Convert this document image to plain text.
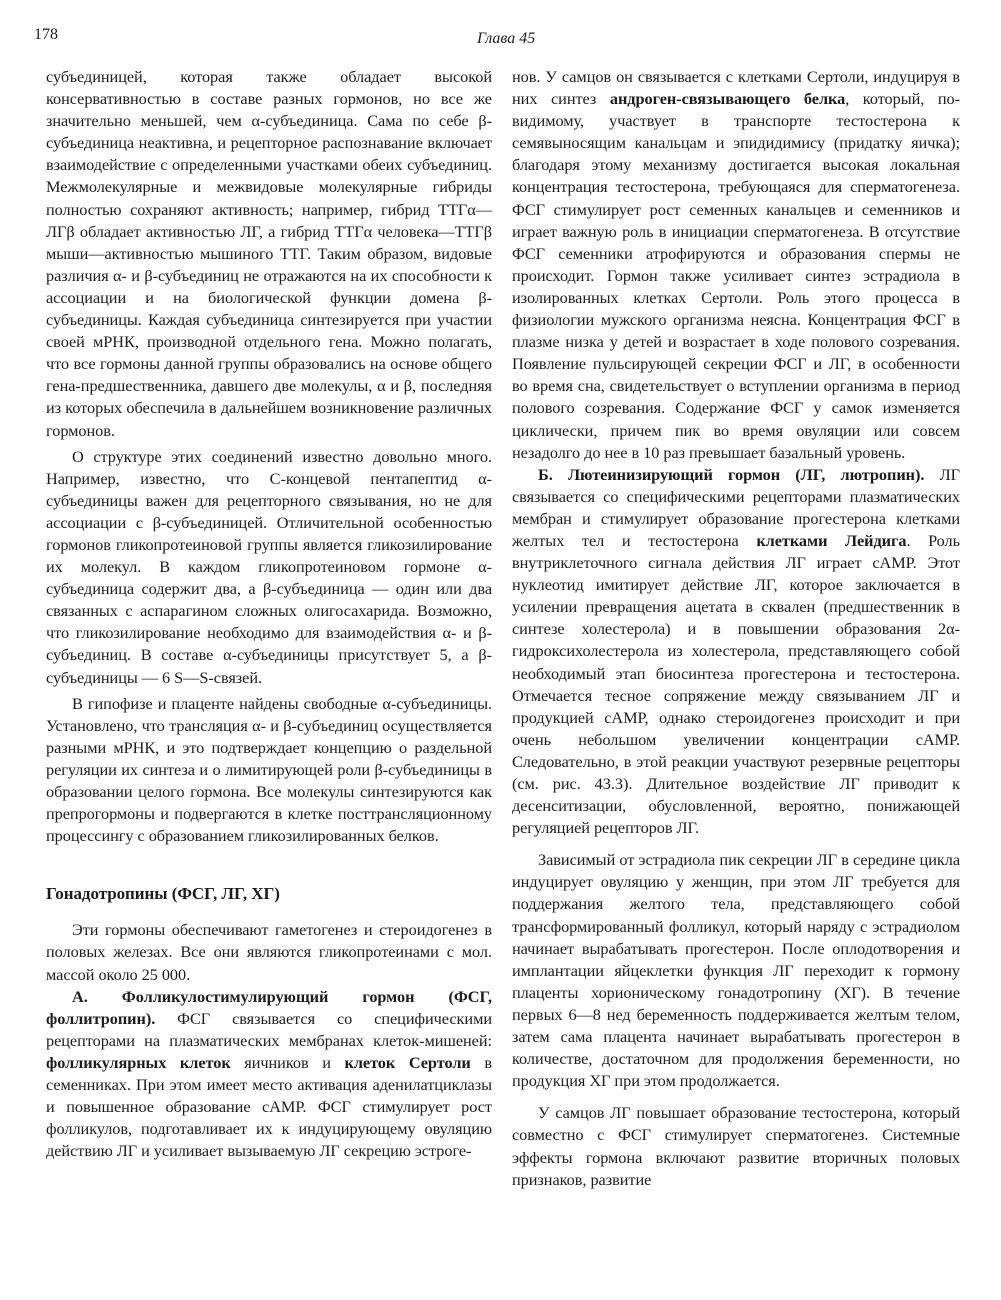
178	Глава 45

субъединицей, которая также обладает высокой консервативностью в составе разных гормонов, но все же значительно меньшей, чем α-субъединица. Сама по себе β-субъединица неактивна, и рецепторное распознавание включает взаимодействие с определенными участками обеих субъединиц. Межмолекулярные и межвидовые молекулярные гибриды полностью сохраняют активность; например, гибрид ТТГα—ЛГβ обладает активностью ЛГ, а гибрид ТТГα человека—ТТГβ мыши—активностью мышиного ТТГ. Таким образом, видовые различия α- и β-субъединиц не отражаются на их способности к ассоциации и на биологической функции домена β-субъединицы. Каждая субъединица синтезируется при участии своей мРНК, производной отдельного гена. Можно полагать, что все гормоны данной группы образовались на основе общего гена-предшественника, давшего две молекулы, α и β, последняя из которых обеспечила в дальнейшем возникновение различных гормонов.

О структуре этих соединений известно довольно много. Например, известно, что С-концевой пентапептид α-субъединицы важен для рецепторного связывания, но не для ассоциации с β-субъединицей. Отличительной особенностью гормонов гликопротеиновой группы является гликозилирование их молекул. В каждом гликопротеиновом гормоне α-субъединица содержит два, а β-субъединица — один или два связанных с аспарагином сложных олигосахарида. Возможно, что гликозилирование необходимо для взаимодействия α- и β-субъединиц. В составе α-субъединицы присутствует 5, а β-субъединицы — 6 S—S-связей.

В гипофизе и плаценте найдены свободные α-субъединицы. Установлено, что трансляция α- и β-субъединиц осуществляется разными мРНК, и это подтверждает концепцию о раздельной регуляции их синтеза и о лимитирующей роли β-субъединицы в образовании целого гормона. Все молекулы синтезируются как препрогормоны и подвергаются в клетке посттрансляционному процессингу с образованием гликозилированных белков.

Гонадотропины (ФСГ, ЛГ, ХГ)

Эти гормоны обеспечивают гаметогенез и стероидогенез в половых железах. Все они являются гликопротеинами с мол. массой около 25 000.

А. Фолликулостимулирующий гормон (ФСГ, фоллитропин). ФСГ связывается со специфическими рецепторами на плазматических мембранах клеток-мишеней: фолликулярных клеток яичников и клеток Сертоли в семенниках. При этом имеет место активация аденилатциклазы и повышенное образование сАМР. ФСГ стимулирует рост фолликулов, подготавливает их к индуцирующему овуляцию действию ЛГ и усиливает вызываемую ЛГ секрецию эстроге-

нов. У самцов он связывается с клетками Сертоли, индуцируя в них синтез андроген-связывающего белка, который, по-видимому, участвует в транспорте тестостерона к семявыносящим канальцам и эпидидимису (придатку яичка); благодаря этому механизму достигается высокая локальная концентрация тестостерона, требующаяся для сперматогенеза. ФСГ стимулирует рост семенных канальцев и семенников и играет важную роль в инициации сперматогенеза. В отсутствие ФСГ семенники атрофируются и образования спермы не происходит. Гормон также усиливает синтез эстрадиола в изолированных клетках Сертоли. Роль этого процесса в физиологии мужского организма неясна. Концентрация ФСГ в плазме низка у детей и возрастает в ходе полового созревания. Появление пульсирующей секреции ФСГ и ЛГ, в особенности во время сна, свидетельствует о вступлении организма в период полового созревания. Содержание ФСГ у самок изменяется циклически, причем пик во время овуляции или совсем незадолго до нее в 10 раз превышает базальный уровень.

Б. Лютеинизирующий гормон (ЛГ, лютропин). ЛГ связывается со специфическими рецепторами плазматических мембран и стимулирует образование прогестерона клетками желтых тел и тестостерона клетками Лейдига. Роль внутриклеточного сигнала действия ЛГ играет сАМР. Этот нуклеотид имитирует действие ЛГ, которое заключается в усилении превращения ацетата в сквален (предшественник в синтезе холестерола) и в повышении образования 2α-гидроксихолестерола из холестерола, представляющего собой необходимый этап биосинтеза прогестерона и тестостерона. Отмечается тесное сопряжение между связыванием ЛГ и продукцией сАМР, однако стероидогенез происходит и при очень небольшом увеличении концентрации сАМР. Следовательно, в этой реакции участвуют резервные рецепторы (см. рис. 43.3). Длительное воздействие ЛГ приводит к десенситизации, обусловленной, вероятно, понижающей регуляцией рецепторов ЛГ.

Зависимый от эстрадиола пик секреции ЛГ в середине цикла индуцирует овуляцию у женщин, при этом ЛГ требуется для поддержания желтого тела, представляющего собой трансформированный фолликул, который наряду с эстрадиолом начинает вырабатывать прогестерон. После оплодотворения и имплантации яйцеклетки функция ЛГ переходит к гормону плаценты хорионическому гонадотропину (ХГ). В течение первых 6—8 нед беременность поддерживается желтым телом, затем сама плацента начинает вырабатывать прогестерон в количестве, достаточном для продолжения беременности, но продукция ХГ при этом продолжается.

У самцов ЛГ повышает образование тестостерона, который совместно с ФСГ стимулирует сперматогенез. Системные эффекты гормона включают развитие вторичных половых признаков, развитие
